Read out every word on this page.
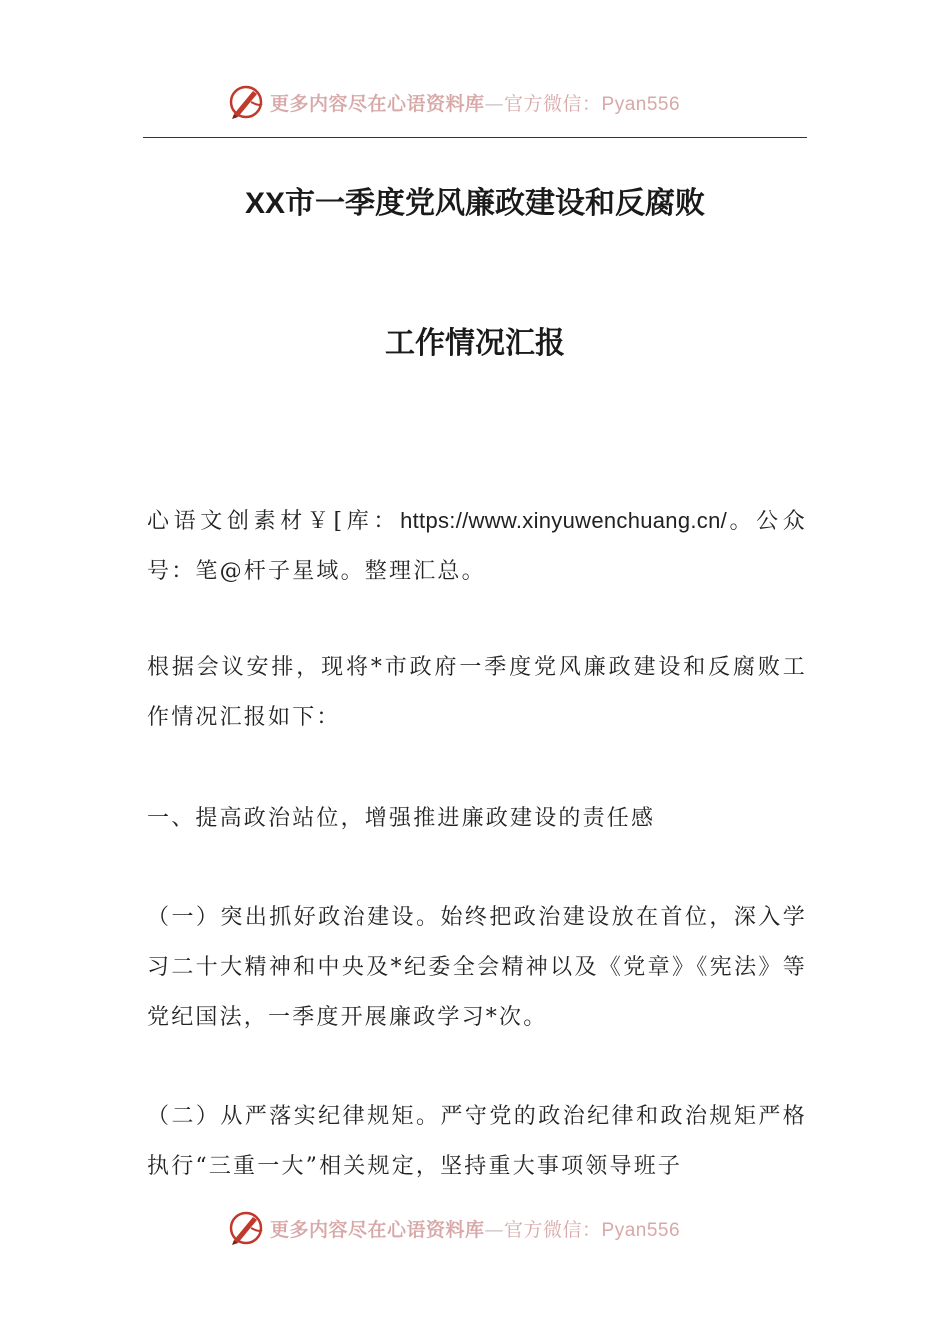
更多内容尽在心语资料库—官方微信：Pyan556
XX市一季度党风廉政建设和反腐败
工作情况汇报
心语文创素材￥[库：https://www.xinyuwenchuang.cn/。公众号：笔@杆子星域。整理汇总。
根据会议安排，现将*市政府一季度党风廉政建设和反腐败工作情况汇报如下：
一、提高政治站位，增强推进廉政建设的责任感
（一）突出抓好政治建设。始终把政治建设放在首位，深入学习二十大精神和中央及*纪委全会精神以及《党章》《宪法》等党纪国法，一季度开展廉政学习*次。
（二）从严落实纪律规矩。严守党的政治纪律和政治规矩严格执行“三重一大”相关规定，坚持重大事项领导班子
更多内容尽在心语资料库—官方微信：Pyan556
